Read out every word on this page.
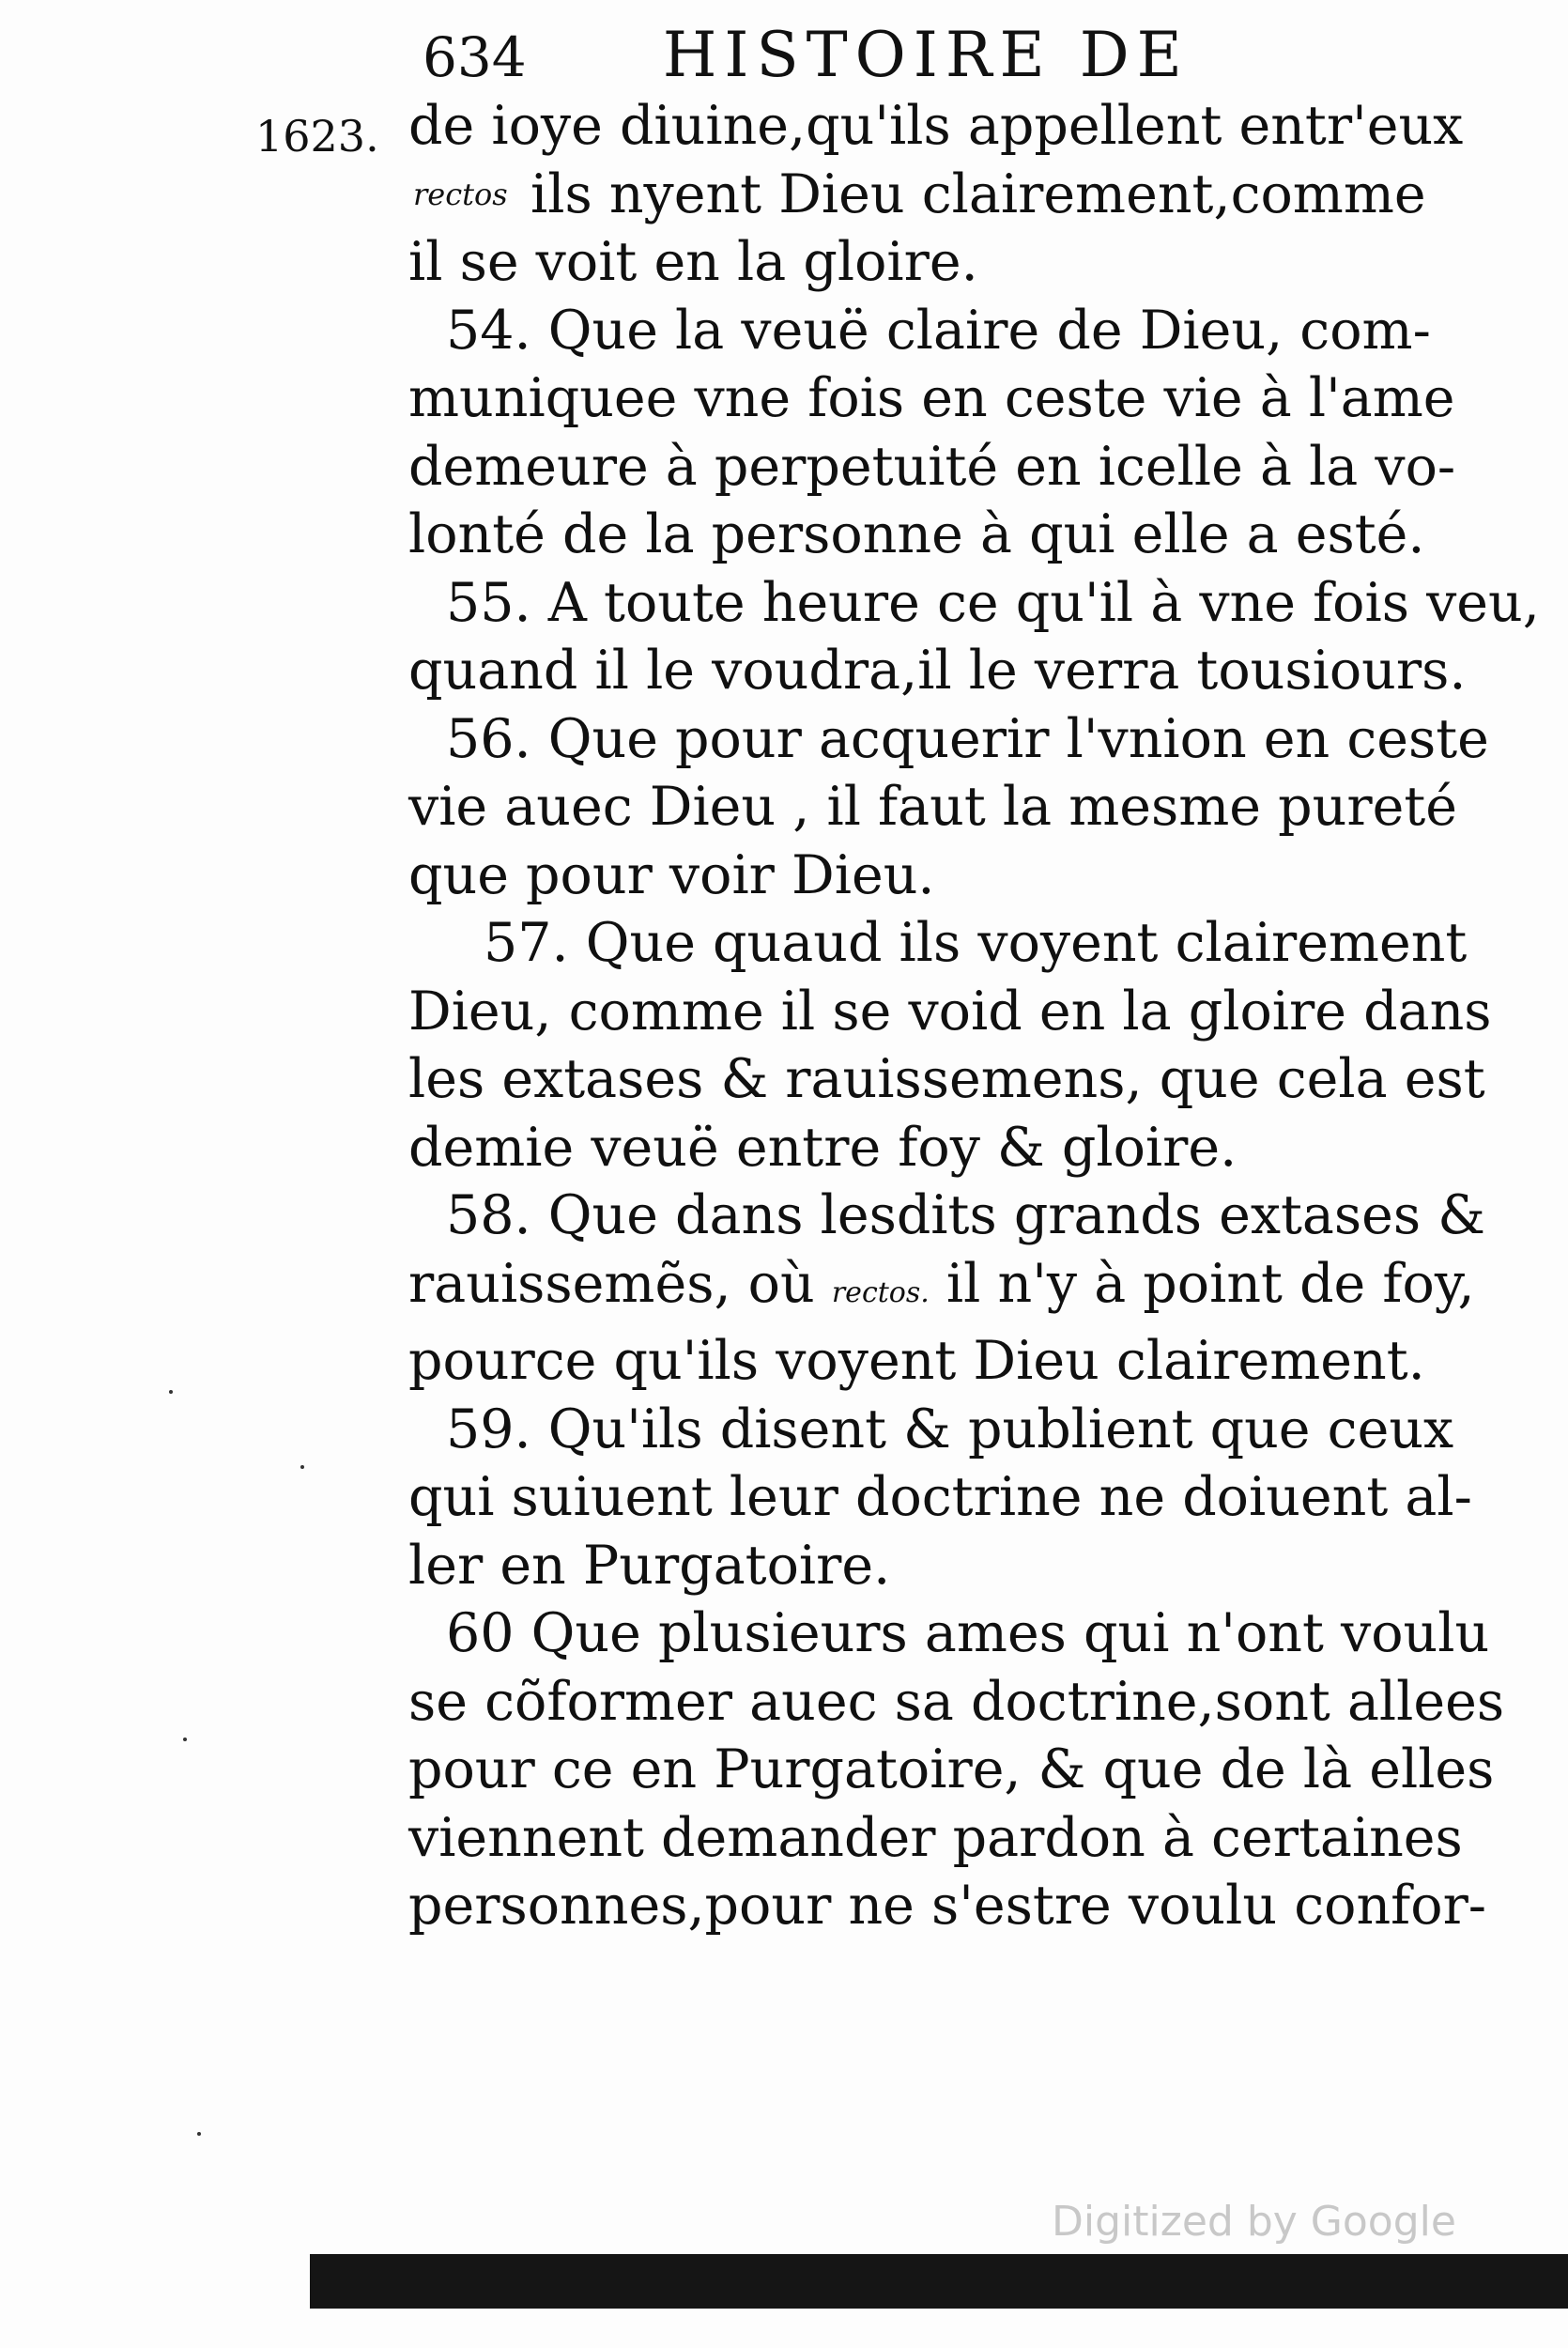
634 HISTOIRE DE
1623.
rectos
de ioye diuine,qu'ils appellent entr'eux
ils nyent Dieu clairement,comme
il se voit en la gloire.
54. Que la veuë claire de Dieu, com-
muniquee vne fois en ceste vie à l'ame
demeure à perpetuité en icelle à la vo-
lonté de la personne à qui elle a esté.
55. A toute heure ce qu'il à vne fois veu,
quand il le voudra,il le verra tousiours.
56. Que pour acquerir l'vnion en ceste
vie auec Dieu , il faut la mesme pureté
que pour voir Dieu.
57. Que quaud ils voyent clairement
Dieu, comme il se void en la gloire dans
les extases & rauissemens, que cela est
demie veuë entre foy & gloire.
58. Que dans lesdits grands extases &
rauissemẽs, où rectos. il n'y à point de foy,
pource qu'ils voyent Dieu clairement.
59. Qu'ils disent & publient que ceux
qui suiuent leur doctrine ne doiuent al-
ler en Purgatoire.
60 Que plusieurs ames qui n'ont voulu
se cõformer auec sa doctrine,sont allees
pour ce en Purgatoire, & que de là elles
viennent demander pardon à certaines
personnes,pour ne s'estre voulu confor-
Digitized by Google
